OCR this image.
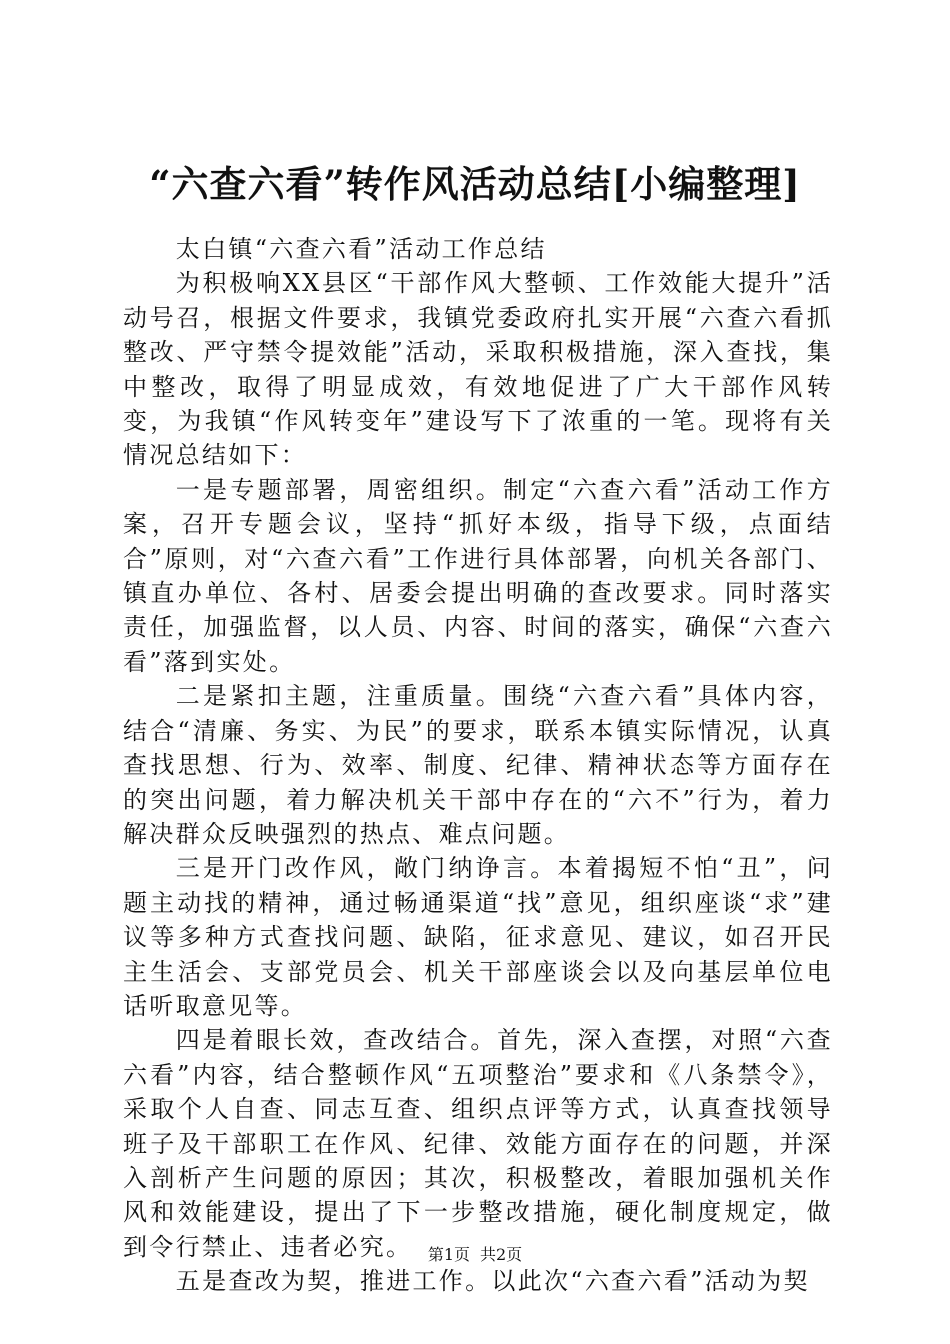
“六查六看”转作风活动总结[小编整理]

太白镇“六查六看”活动工作总结

为积极响XX县区“干部作风大整顿、工作效能大提升”活动号召，根据文件要求，我镇党委政府扎实开展“六查六看抓整改、严守禁令提效能”活动，采取积极措施，深入查找，集中整改，取得了明显成效，有效地促进了广大干部作风转变，为我镇“作风转变年”建设写下了浓重的一笔。现将有关情况总结如下：

一是专题部署，周密组织。制定“六查六看”活动工作方案，召开专题会议，坚持“抓好本级，指导下级，点面结合”原则，对“六查六看”工作进行具体部署，向机关各部门、镇直办单位、各村、居委会提出明确的查改要求。同时落实责任，加强监督，以人员、内容、时间的落实，确保“六查六看”落到实处。

二是紧扣主题，注重质量。围绕“六查六看”具体内容，结合“清廉、务实、为民”的要求，联系本镇实际情况，认真查找思想、行为、效率、制度、纪律、精神状态等方面存在的突出问题，着力解决机关干部中存在的“六不”行为，着力解决群众反映强烈的热点、难点问题。

三是开门改作风，敞门纳诤言。本着揭短不怕“丑”，问题主动找的精神，通过畅通渠道“找”意见，组织座谈“求”建议等多种方式查找问题、缺陷，征求意见、建议，如召开民主生活会、支部党员会、机关干部座谈会以及向基层单位电话听取意见等。

四是着眼长效，查改结合。首先，深入查摆，对照“六查六看”内容，结合整顿作风“五项整治”要求和《八条禁令》，采取个人自查、同志互查、组织点评等方式，认真查找领导班子及干部职工在作风、纪律、效能方面存在的问题，并深入剖析产生问题的原因；其次，积极整改，着眼加强机关作风和效能建设，提出了下一步整改措施，硬化制度规定，做到令行禁止、违者必究。

五是查改为契，推进工作。以此次“六查六看”活动为契

第1页 共2页
